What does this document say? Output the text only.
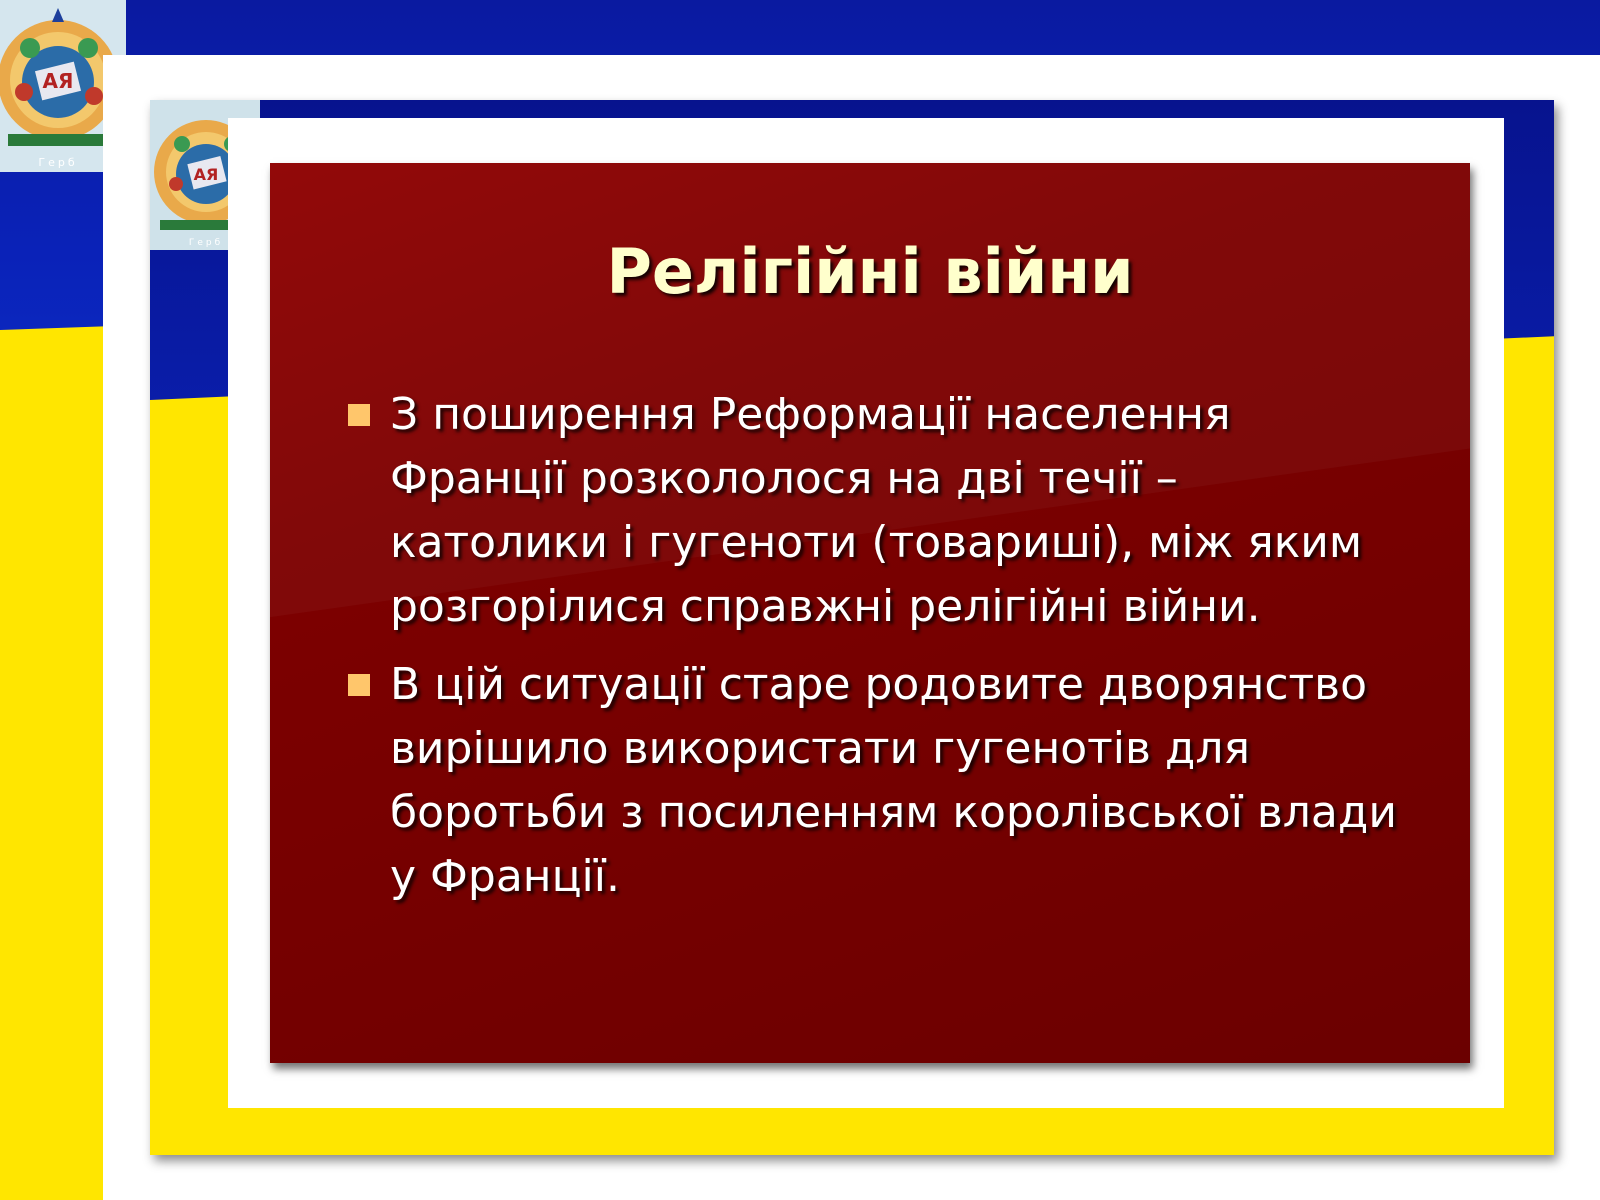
АЯ
Герб
АЯ
Герб	Релігійні війни
З поширення Реформації населення Франції розкололося на дві течії – католики і гугеноти (товариші), між яким розгорілися справжні релігійні війни.
В цій ситуації старе родовите дворянство вирішило використати гугенотів для боротьби з посиленням королівської влади у Франції.
